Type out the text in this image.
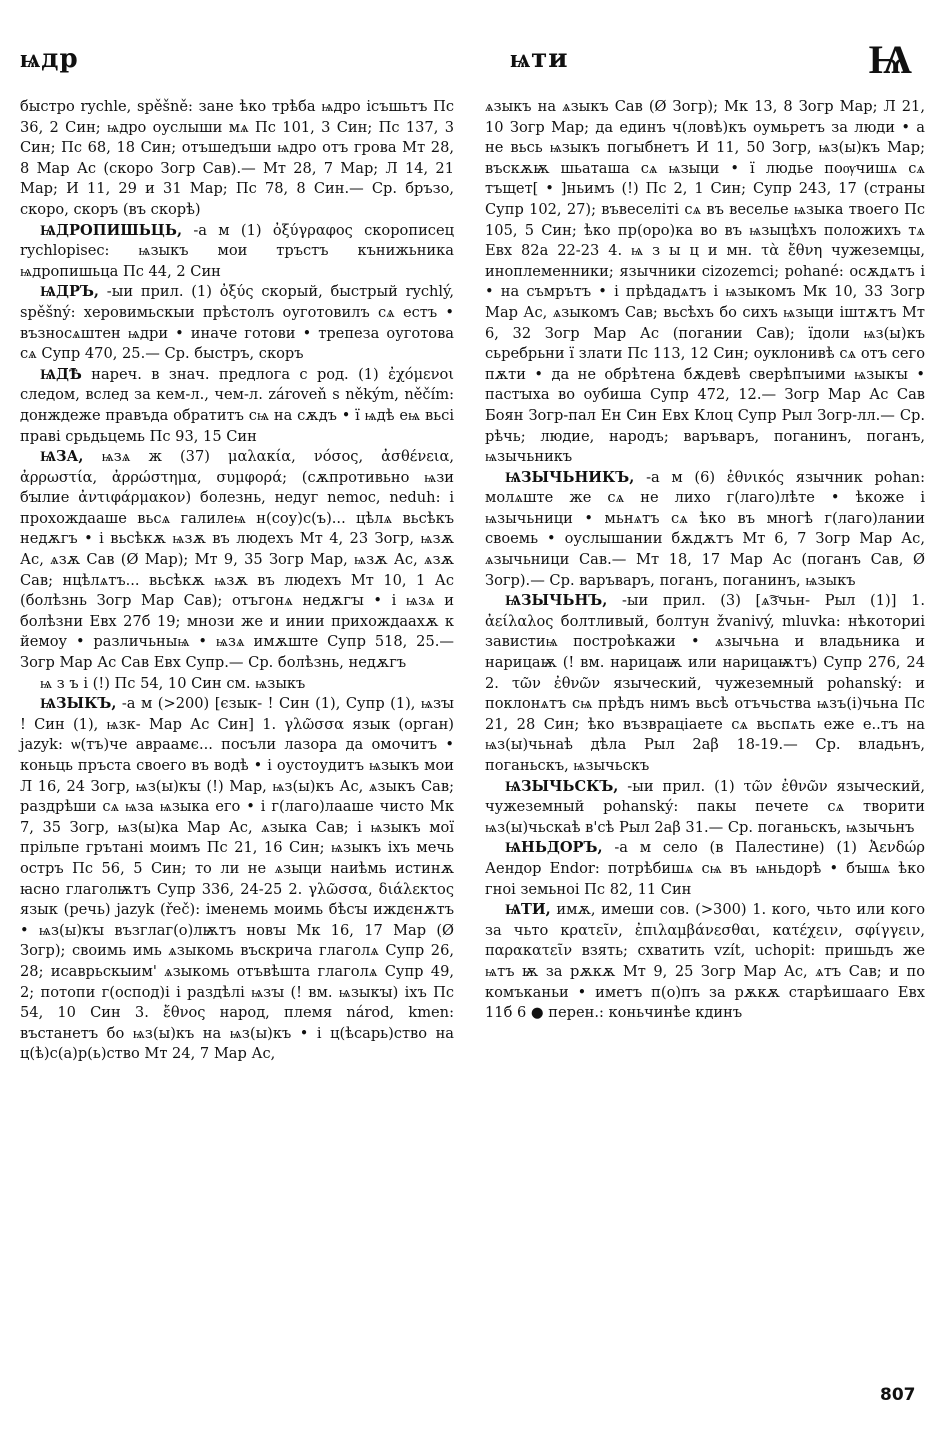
ѩдр	ѩти	Ѩ

быстро rychle, spěšně: зане ѣко трѣба ѩдро ісъшьтъ Пс 36, 2 Син; ѩдро оуслыши мѧ Пс 101, 3 Син; Пс 137, 3 Син; Пс 68, 18 Син; отъшедъши ѩдро отъ грова Мт 28, 8 Мар Ас (скоро Зогр Сав).— Мт 28, 7 Мар; Л 14, 21 Мар; И 11, 29 и 31 Мар; Пс 78, 8 Син.— Ср. бръзо, скоро, скоръ (въ скорѣ)

ѨДРОПИШЬЦЬ, -а м (1) ὀξύγραφος скорописец rychlopisec: ѩзыкъ мои тръстъ кънижьника ѩдропишьца Пс 44, 2 Син

ѨДРЪ, -ыи прил. (1) ὀξύς скорый, быстрый rychlý, spěšný: херовимьскыи прѣстолъ оуготовилъ сѧ естъ • възносѧштен ѩдри • иначе готови • трепеза оуготова сѧ Супр 470, 25.— Ср. быстръ, скоръ

ѨДѢ нареч. в знач. предлога с род. (1) ἐχόμενοι следом, вслед за кем-л., чем-л. zároveň s někým, něčím: донждеже правъда обратитъ сѩ на сѫдъ • ї ѩдѣ еѩ вьсі праві срьдьцемь Пс 93, 15 Син

ѨЗА, ѩзѧ ж (37) μαλακία, νόσος, ἀσθένεια, ἀρρωστία, ἀρρώστημα, συμφορά; (сѫпротивьно ѩзи бꙑлие ἀντιφάρμακον) болезнь, недуг nemoc, neduh: і прохождааше вьсѧ галилеѩ н(соу)с(ъ)... цѣлѧ вьсѣкъ недѫгъ • і вьсѣкѫ ѩзѫ въ людехъ Мт 4, 23 Зогр, ѩзѫ Ас, ѧзѫ Сав (Ø Мар); Мт 9, 35 Зогр Мар, ѩзѫ Ас, ѧзѫ Сав; нцѣлѧтъ... вьсѣкѫ ѩзѫ въ людехъ Мт 10, 1 Ас (болѣзнь Зогр Мар Сав); отъгонѧ недѫгꙑ • і ѩзѧ и болѣзни Евх 27б 19; мнози же и инии прихождаахѫ к йемоу • различьныѩ • ѩзѧ имѫште Супр 518, 25.— Зогр Мар Ас Сав Евх Супр.— Ср. болѣзнь, недѫгъ

ѩ з ъ і (!) Пс 54, 10 Син см. ѩзыкъ

ѨЗЫКЪ, -а м (>200) [єзык- ! Син (1), Супр (1), ѩзꙑ ! Син (1), ѩзк- Мар Ас Син] 1. γλῶσσα язык (орган) jazyk: ѡ(тъ)че авраамє... посъли лазора да омочитъ • коньць пръста своего въ водѣ • і оустоудитъ ѩзыкъ мои Л 16, 24 Зогр, ѩз(ы)кꙑ (!) Мар, ѩз(ы)къ Ас, ѧзыкъ Сав; раздрѣши сѧ ѩза ѩзыка его • і г(лаго)лааше чисто Мк 7, 35 Зогр, ѩз(ы)ка Мар Ас, ѧзыка Сав; і ѩзыкъ мої прільпе грътані моимъ Пс 21, 16 Син; ѩзыкъ іхъ мечь остръ Пс 56, 5 Син; то ли не ѧзыци наиѣмь истинѫ ꙗсно глаголѭтъ Супр 336, 24-25 2. γλῶσσα, διάλεκτος язык (речь) jazyk (řeč): іменемь моимь бѣсꙑ иждєнѫтъ • ѩз(ы)кꙑ възглаг(о)лѭтъ новꙑ Мк 16, 17 Мар (Ø Зогр); своимь имь ѧзыкомь въскрича глаголѧ Супр 26, 28; исаврьскыим' ѧзыкомь отъвѣшта глаголѧ Супр 49, 2; потопи г(оспод)і і раздѣлі ѩзꙑ (! вм. ѩзыкꙑ) іхъ Пс 54, 10 Син 3. ἔθνος народ, племя národ, kmen: въстанетъ бо ѩз(ы)къ на ѩз(ы)къ • і ц(ѣсарь)ство на ц(ѣ)с(а)р(ь)ство Мт 24, 7 Мар Ас,

ѧзыкъ на ѧзыкъ Сав (Ø Зогр); Мк 13, 8 Зогр Мар; Л 21, 10 Зогр Мар; да единъ ч(ловѣ)къ оумьретъ за люди • а не вьсь ѩзыкъ погыбнетъ И 11, 50 Зогр, ѩз(ы)къ Мар; въскѫѭ шьаташа сѧ ѩзыци • ї людье поѹчишѧ сѧ тъщет[ • ]ньимъ (!) Пс 2, 1 Син; Супр 243, 17 (страны Супр 102, 27); въвеселіті сѧ въ веселье ѩзыка твоего Пс 105, 5 Син; ѣко пр(оро)ка во въ ѩзыцѣхъ положихъ тѧ Евх 82а 22-23 4. ѩ з ы ц и мн. τὰ ἔθνη чужеземцы, иноплеменники; язычники cizozemci; pohané: осѫдѧтъ і • на съмрътъ • і прѣдадѧтъ і ѩзыкомъ Мк 10, 33 Зогр Мар Ас, ѧзыкомъ Сав; вьсѣхъ бо сихъ ѩзыци іштѫтъ Мт 6, 32 Зогр Мар Ас (погании Сав); їдоли ѩз(ы)къ сьребрьни ї злати Пс 113, 12 Син; оуклонивѣ сѧ отъ сего пѫти • да не обрѣтена бѫдевѣ сверѣпꙑими ѩзыкꙑ • пастꙑха во оубиша Супр 472, 12.— Зогр Мар Ас Сав Боян Зогр-пал Ен Син Евх Клоц Супр Рыл Зогр-лл.— Ср. рѣчь; людие, народъ; варъваръ, поганинъ, поганъ, ѩзычьникъ

ѨЗЫЧЬНИКЪ, -а м (6) ἐθνικός язычник pohan: молѧште же сѧ не лихо г(лаго)лѣте • ѣкоже і ѩзычьници • мьнѧтъ сѧ ѣко въ многѣ г(лаго)лании своемь • оуслышании бѫдѫтъ Мт 6, 7 Зогр Мар Ас, ѧзычьници Сав.— Мт 18, 17 Мар Ас (поганъ Сав, Ø Зогр).— Ср. варъваръ, поганъ, поганинъ, ѩзыкъ

ѨЗЫЧЬНЪ, -ыи прил. (3) [ѧ͠зчьн- Рыл (1)] 1. ἀείλαλος болтливый, болтун žvanivý, mluvka: нѣкоториі завистиѩ построѣкажи • ѧзычьна и владьника и нарицаѭ (! вм. нарицаѭ или нарицаѭтъ) Супр 276, 24 2. τῶν ἐθνῶν языческий, чужеземный pohanský: и поклонѧтъ сѩ прѣдъ нимъ вьсѣ отъчьства ѩзъ(і)чьна Пс 21, 28 Син; ѣко възвраціаете сѧ вьспѧть еже е..тъ на ѩз(ы)чьнаѣ дѣла Рыл 2аβ 18-19.— Ср. владьнъ, поганьскъ, ѩзычьскъ

ѨЗЫЧЬСКЪ, -ыи прил. (1) τῶν ἐθνῶν языческий, чужеземный pohanský: пакы печете сѧ творити ѩз(ы)чьскаѣ в'сѣ Рыл 2аβ 31.— Ср. поганьскъ, ѩзычьнъ

ѨНЬДОРЪ, -а м село (в Палестине) (1) Ἀενδώρ Аендор Endor: потрѣбишѧ сѩ въ ѩньдорѣ • бꙑшѧ ѣко гноі земьноі Пс 82, 11 Син

ѨТИ, имѫ, имеши сов. (>300) 1. кого, чьто или кого за чьто κρατεῖν, ἐπιλαμβάνεσθαι, κατέχειν, σφίγγειν, παρακατεῖν взять; схватить vzít, uchopit: пришьдъ же ѩтъ ѭ за рѫкѫ Мт 9, 25 Зогр Мар Ас, ѧтъ Сав; и по комъканьи • иметъ п(о)пъ за рѫкѫ старѣишаагo Евх 11б 6 ● перен.: коньчинѣе кдинъ

807
